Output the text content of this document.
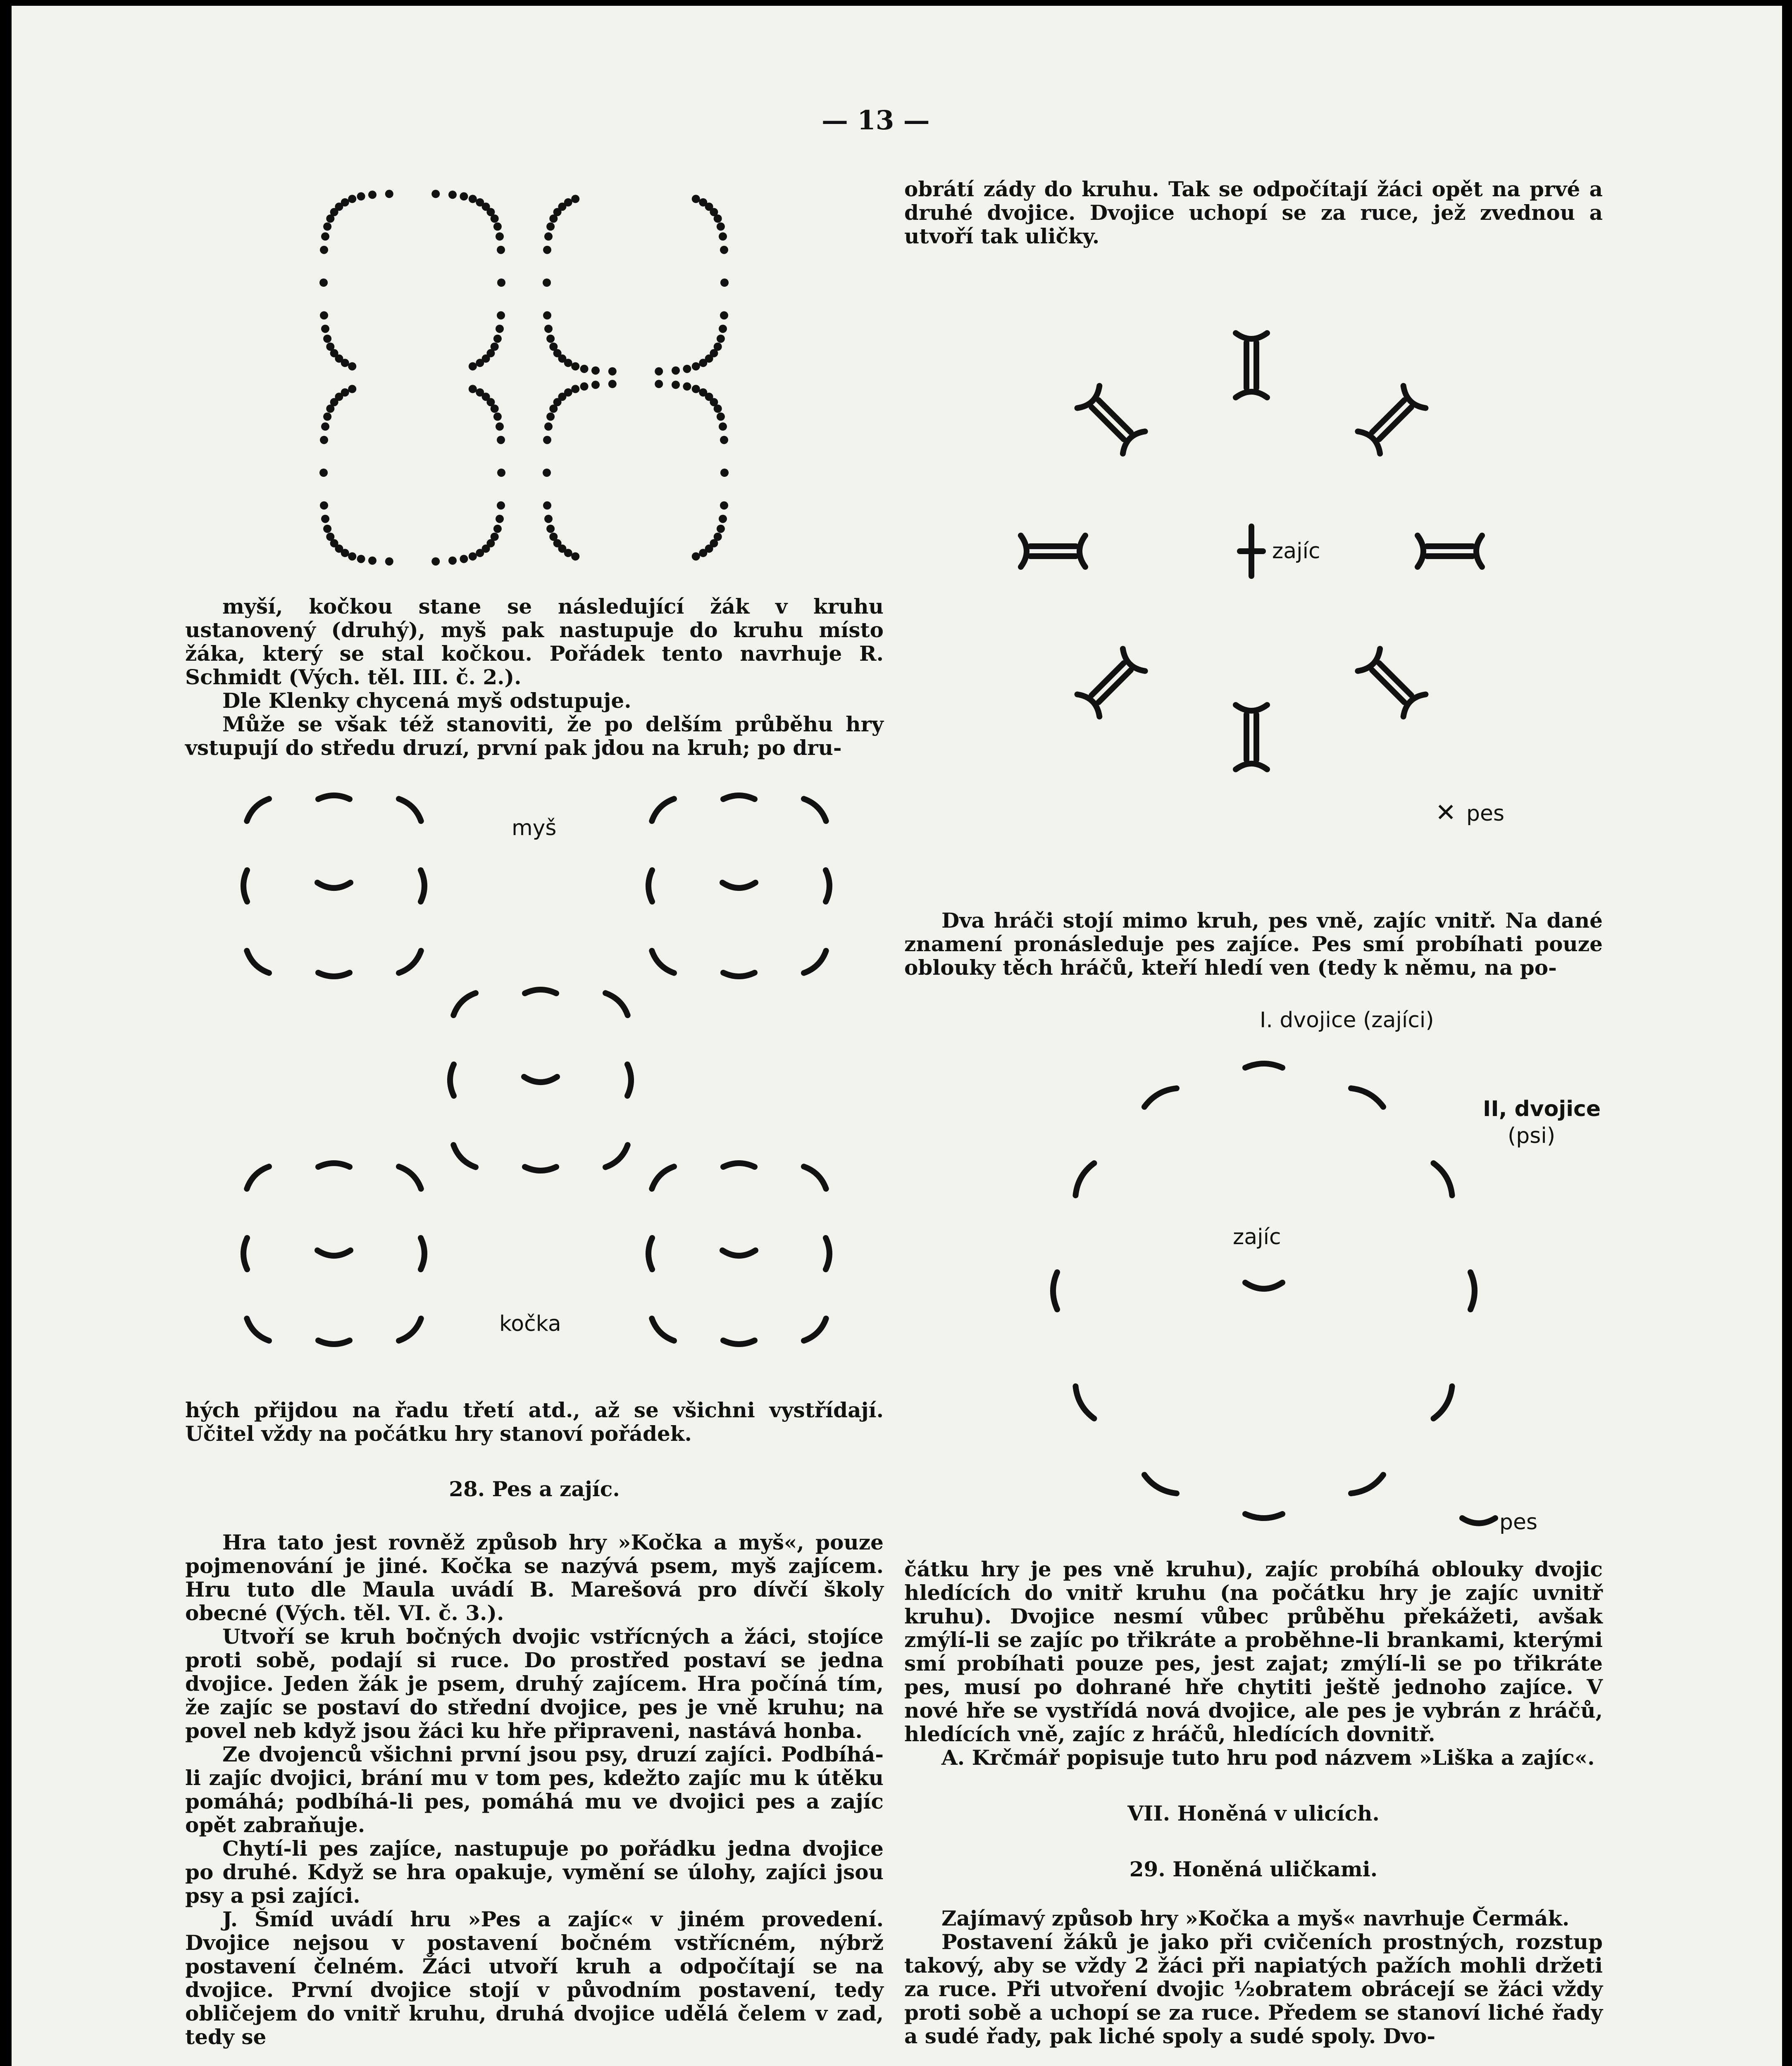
— 13 —

myší, kočkou stane se následující žák v kruhu ustanovený (druhý), myš pak nastupuje do kruhu místo žáka, který se stal kočkou. Pořádek tento navrhuje R. Schmidt (Vých. těl. III. č. 2.).

Dle Klenky chycená myš odstupuje.

Může se však též stanoviti, že po delším průběhu hry vstupují do středu druzí, první pak jdou na kruh; po dru-

myš
kočka

hých přijdou na řadu třetí atd., až se všichni vystřídají. Učitel vždy na počátku hry stanoví pořádek.

28. Pes a zajíc.

Hra tato jest rovněž způsob hry »Kočka a myš«, pouze pojmenování je jiné. Kočka se nazývá psem, myš zajícem. Hru tuto dle Maula uvádí B. Marešová pro dívčí školy obecné (Vých. těl. VI. č. 3.).

Utvoří se kruh bočných dvojic vstřícných a žáci, stojíce proti sobě, podají si ruce. Do prostřed postaví se jedna dvojice. Jeden žák je psem, druhý zajícem. Hra počíná tím, že zajíc se postaví do střední dvojice, pes je vně kruhu; na povel neb když jsou žáci ku hře připraveni, nastává honba.

Ze dvojenců všichni první jsou psy, druzí zajíci. Podbíhá-li zajíc dvojici, brání mu v tom pes, kdežto zajíc mu k útěku pomáhá; podbíhá-li pes, pomáhá mu ve dvojici pes a zajíc opět zabraňuje.

Chytí-li pes zajíce, nastupuje po pořádku jedna dvojice po druhé. Když se hra opakuje, vymění se úlohy, zajíci jsou psy a psi zajíci.

J. Šmíd uvádí hru »Pes a zajíc« v jiném provedení. Dvojice nejsou v postavení bočném vstřícném, nýbrž postavení čelném. Žáci utvoří kruh a odpočítají se na dvojice. První dvojice stojí v původním postavení, tedy obličejem do vnitř kruhu, druhá dvojice udělá čelem v zad, tedy se

obrátí zády do kruhu. Tak se odpočítají žáci opět na prvé a druhé dvojice. Dvojice uchopí se za ruce, jež zvednou a utvoří tak uličky.

zajíc
pes
✕

Dva hráči stojí mimo kruh, pes vně, zajíc vnitř. Na dané znamení pronásleduje pes zajíce. Pes smí probíhati pouze oblouky těch hráčů, kteří hledí ven (tedy k němu, na po-

I. dvojice (zajíci)
II, dvojice
(psi)
zajíc
pes

čátku hry je pes vně kruhu), zajíc probíhá oblouky dvojic hledících do vnitř kruhu (na počátku hry je zajíc uvnitř kruhu). Dvojice nesmí vůbec průběhu překážeti, avšak zmýlí-li se zajíc po třikráte a proběhne-li brankami, kterými smí probíhati pouze pes, jest zajat; zmýlí-li se po třikráte pes, musí po dohrané hře chytiti ještě jednoho zajíce. V nové hře se vystřídá nová dvojice, ale pes je vybrán z hráčů, hledících vně, zajíc z hráčů, hledících dovnitř.

A. Krčmář popisuje tuto hru pod názvem »Liška a zajíc«.

VII. Honěná v ulicích.
29. Honěná uličkami.

Zajímavý způsob hry »Kočka a myš« navrhuje Čermák.

Postavení žáků je jako při cvičeních prostných, rozstup takový, aby se vždy 2 žáci při napiatých pažích mohli držeti za ruce. Při utvoření dvojic ½obratem obrácejí se žáci vždy proti sobě a uchopí se za ruce. Předem se stanoví liché řady a sudé řady, pak liché spoly a sudé spoly. Dvo-
